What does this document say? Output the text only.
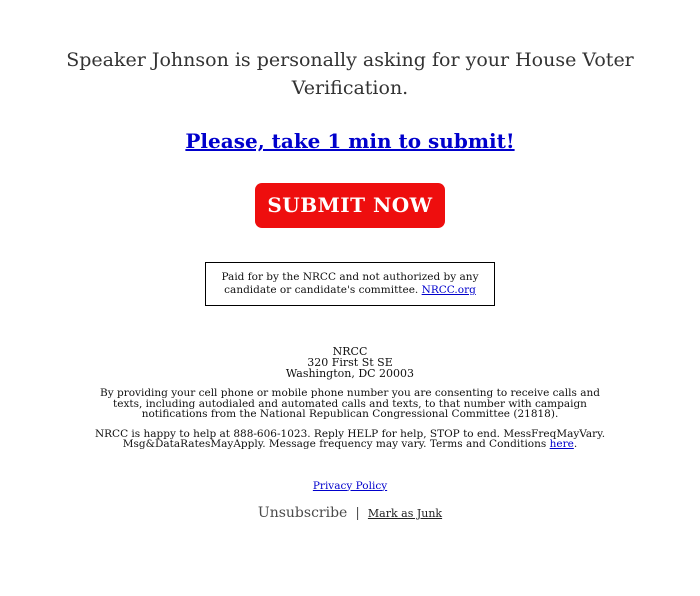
Speaker Johnson is personally asking for your House Voter Verification.
Please, take 1 min to submit!
SUBMIT NOW
Paid for by the NRCC and not authorized by any candidate or candidate's committee. NRCC.org
NRCC
320 First St SE
Washington, DC 20003

By providing your cell phone or mobile phone number you are consenting to receive calls and texts, including autodialed and automated calls and texts, to that number with campaign notifications from the National Republican Congressional Committee (21818).

NRCC is happy to help at 888-606-1023. Reply HELP for help, STOP to end. MessFreqMayVary. Msg&DataRatesMayApply. Message frequency may vary. Terms and Conditions here.

Privacy Policy
Unsubscribe | Mark as Junk
